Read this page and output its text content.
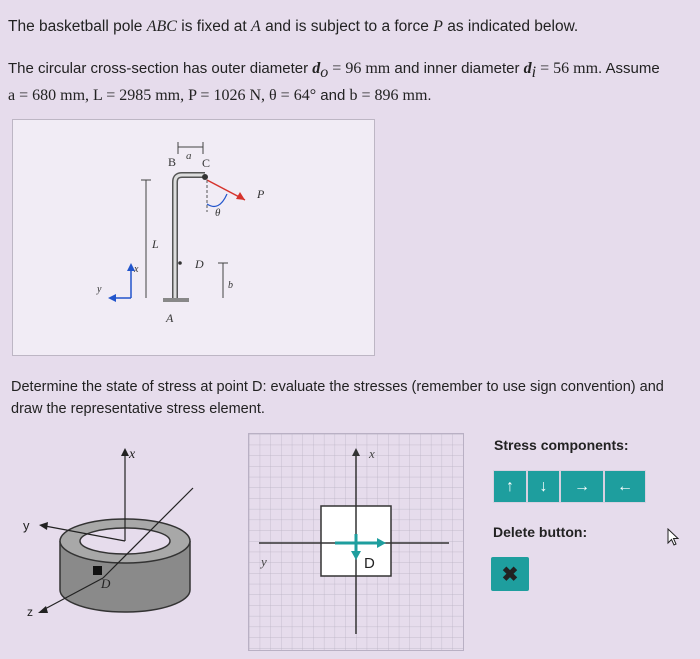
The basketball pole ABC is fixed at A and is subject to a force P as indicated below.
The circular cross-section has outer diameter $d_o = 96$ mm and inner diameter $d_i = 56$ mm. Assume
a = 680 mm, L = 2985 mm, P = 1026 N, θ = 64° and b = 896 mm.
a
B C
P
θ
L
D
b
A
x
y
Determine the state of stress at point D: evaluate the stresses (remember to use sign convention) and draw the representative stress element.
x
y
z
D
x
y	D
Stress components:
↑	↓	→	←
Delete button:
✖
